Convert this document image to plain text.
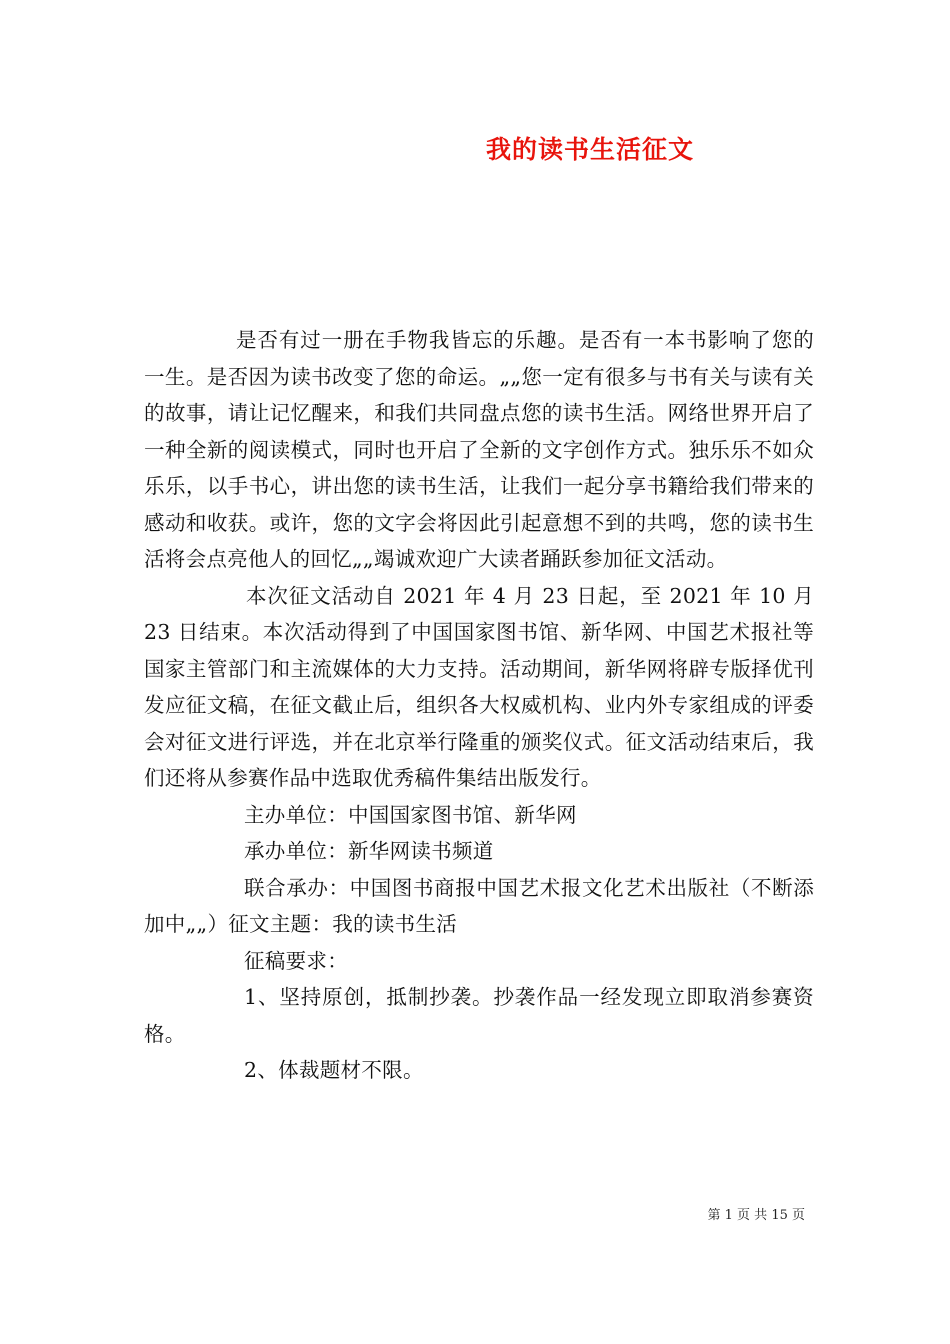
我的读书生活征文

是否有过一册在手物我皆忘的乐趣。是否有一本书影响了您的一生。是否因为读书改变了您的命运。„„您一定有很多与书有关与读有关的故事，请让记忆醒来，和我们共同盘点您的读书生活。网络世界开启了一种全新的阅读模式，同时也开启了全新的文字创作方式。独乐乐不如众乐乐，以手书心，讲出您的读书生活，让我们一起分享书籍给我们带来的感动和收获。或许，您的文字会将因此引起意想不到的共鸣，您的读书生活将会点亮他人的回忆„„竭诚欢迎广大读者踊跃参加征文活动。

本次征文活动自 2021 年 4 月 23 日起，至 2021 年 10 月 23 日结束。本次活动得到了中国国家图书馆、新华网、中国艺术报社等国家主管部门和主流媒体的大力支持。活动期间，新华网将辟专版择优刊发应征文稿，在征文截止后，组织各大权威机构、业内外专家组成的评委会对征文进行评选，并在北京举行隆重的颁奖仪式。征文活动结束后，我们还将从参赛作品中选取优秀稿件集结出版发行。

主办单位：中国国家图书馆、新华网

承办单位：新华网读书频道

联合承办：中国图书商报中国艺术报文化艺术出版社（不断添加中„„）征文主题：我的读书生活

征稿要求：

1、坚持原创，抵制抄袭。抄袭作品一经发现立即取消参赛资格。

2、体裁题材不限。

第 1 页 共 15 页
